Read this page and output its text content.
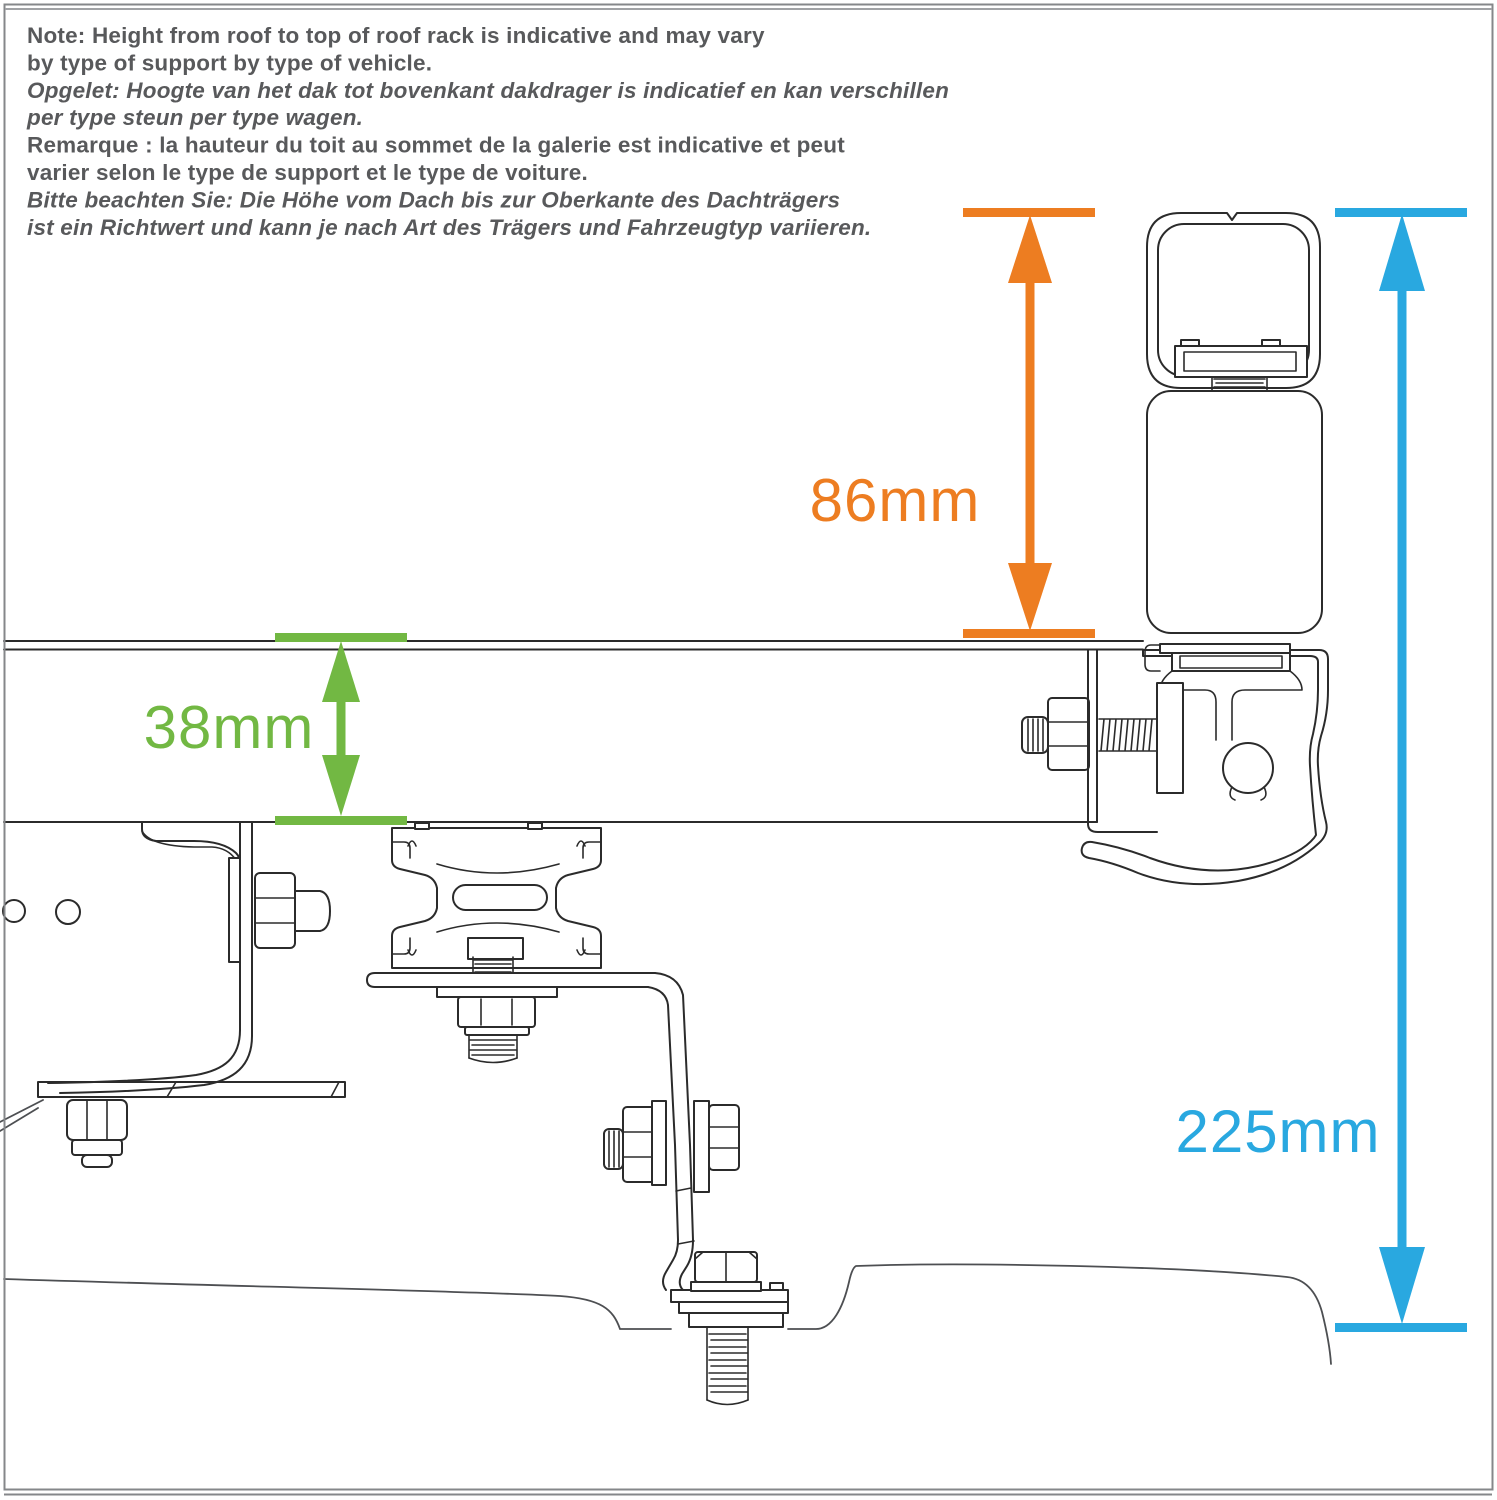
86mm
38mm
225mm
Note: Height from roof to top of roof rack is indicative and may vary
by type of support by type of vehicle.
Opgelet: Hoogte van het dak tot bovenkant dakdrager is indicatief en kan verschillen
per type steun per type wagen.
Remarque : la hauteur du toit au sommet de la galerie est indicative et peut
varier selon le type de support et le type de voiture.
Bitte beachten Sie: Die Höhe vom Dach bis zur Oberkante des Dachträgers
ist ein Richtwert und kann je nach Art des Trägers und Fahrzeugtyp variieren.
